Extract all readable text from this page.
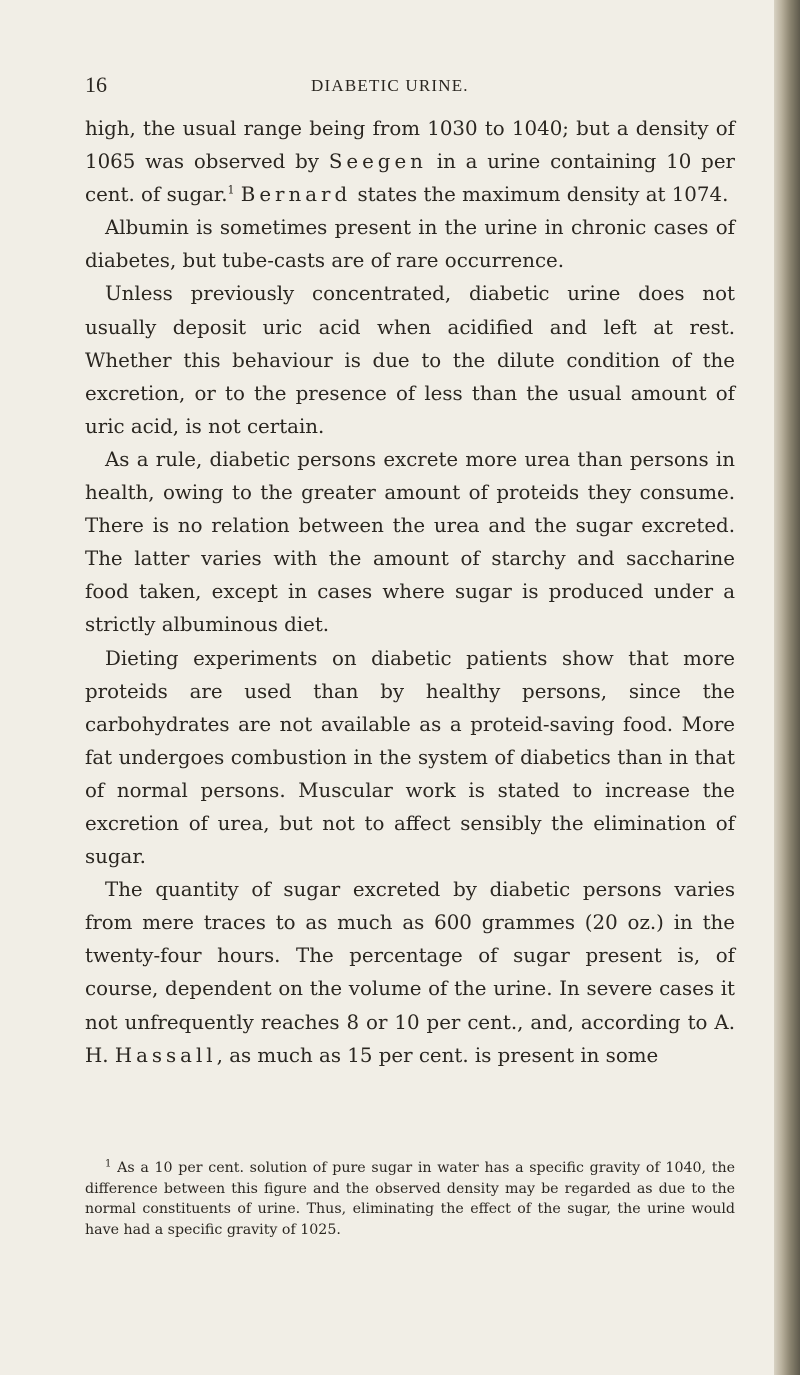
16	DIABETIC URINE.

high, the usual range being from 1030 to 1040; but a density of 1065 was observed by Seegen in a urine containing 10 per cent. of sugar.$^1$ Bernard states the maximum density at 1074.

Albumin is sometimes present in the urine in chronic cases of diabetes, but tube-casts are of rare occurrence.

Unless previously concentrated, diabetic urine does not usually deposit uric acid when acidified and left at rest. Whether this behaviour is due to the dilute condition of the excretion, or to the presence of less than the usual amount of uric acid, is not certain.

As a rule, diabetic persons excrete more urea than persons in health, owing to the greater amount of proteids they consume. There is no relation between the urea and the sugar excreted. The latter varies with the amount of starchy and saccharine food taken, except in cases where sugar is produced under a strictly albuminous diet.

Dieting experiments on diabetic patients show that more proteids are used than by healthy persons, since the carbohydrates are not available as a proteid-saving food. More fat undergoes combustion in the system of diabetics than in that of normal persons. Muscular work is stated to increase the excretion of urea, but not to affect sensibly the elimination of sugar.

The quantity of sugar excreted by diabetic persons varies from mere traces to as much as 600 grammes (20 oz.) in the twenty-four hours. The percentage of sugar present is, of course, dependent on the volume of the urine. In severe cases it not unfrequently reaches 8 or 10 per cent., and, according to A. H. Hassall, as much as 15 per cent. is present in some

$^1$ As a 10 per cent. solution of pure sugar in water has a specific gravity of 1040, the difference between this figure and the observed density may be regarded as due to the normal constituents of urine. Thus, eliminating the effect of the sugar, the urine would have had a specific gravity of 1025.
